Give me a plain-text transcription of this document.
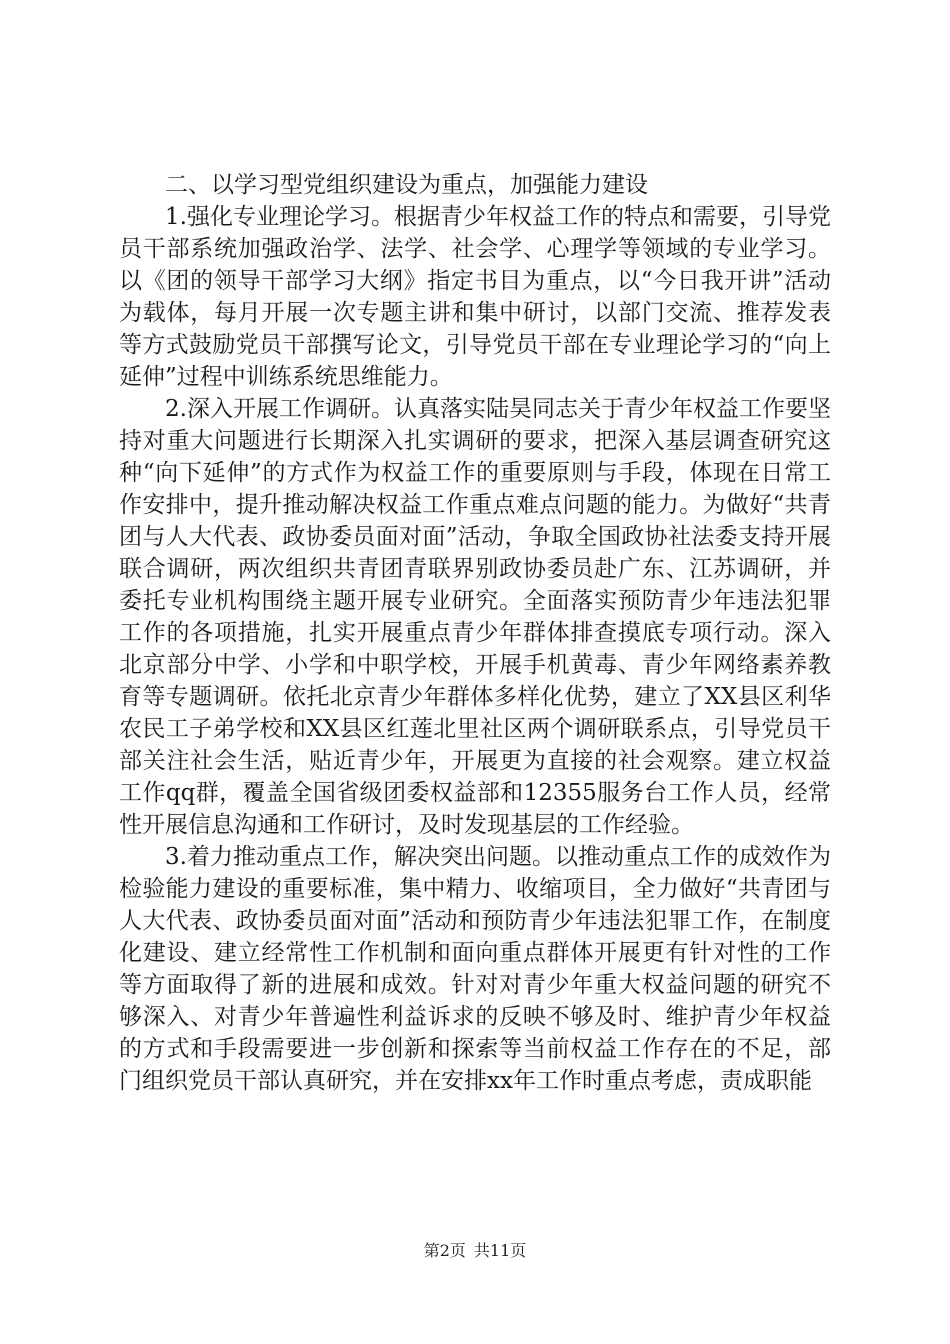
二、以学习型党组织建设为重点，加强能力建设

1.强化专业理论学习。根据青少年权益工作的特点和需要，引导党员干部系统加强政治学、法学、社会学、心理学等领域的专业学习。以《团的领导干部学习大纲》指定书目为重点，以“今日我开讲”活动为载体，每月开展一次专题主讲和集中研讨，以部门交流、推荐发表等方式鼓励党员干部撰写论文，引导党员干部在专业理论学习的“向上延伸”过程中训练系统思维能力。

2.深入开展工作调研。认真落实陆昊同志关于青少年权益工作要坚持对重大问题进行长期深入扎实调研的要求，把深入基层调查研究这种“向下延伸”的方式作为权益工作的重要原则与手段，体现在日常工作安排中，提升推动解决权益工作重点难点问题的能力。为做好“共青团与人大代表、政协委员面对面”活动，争取全国政协社法委支持开展联合调研，两次组织共青团青联界别政协委员赴广东、江苏调研，并委托专业机构围绕主题开展专业研究。全面落实预防青少年违法犯罪工作的各项措施，扎实开展重点青少年群体排查摸底专项行动。深入北京部分中学、小学和中职学校，开展手机黄毒、青少年网络素养教育等专题调研。依托北京青少年群体多样化优势，建立了XX县区利华农民工子弟学校和XX县区红莲北里社区两个调研联系点，引导党员干部关注社会生活，贴近青少年，开展更为直接的社会观察。建立权益工作qq群，覆盖全国省级团委权益部和12355服务台工作人员，经常性开展信息沟通和工作研讨，及时发现基层的工作经验。

3.着力推动重点工作，解决突出问题。以推动重点工作的成效作为检验能力建设的重要标准，集中精力、收缩项目，全力做好“共青团与人大代表、政协委员面对面”活动和预防青少年违法犯罪工作，在制度化建设、建立经常性工作机制和面向重点群体开展更有针对性的工作等方面取得了新的进展和成效。针对对青少年重大权益问题的研究不够深入、对青少年普遍性利益诉求的反映不够及时、维护青少年权益的方式和手段需要进一步创新和探索等当前权益工作存在的不足，部门组织党员干部认真研究，并在安排xx年工作时重点考虑，责成职能

第2页 共11页
